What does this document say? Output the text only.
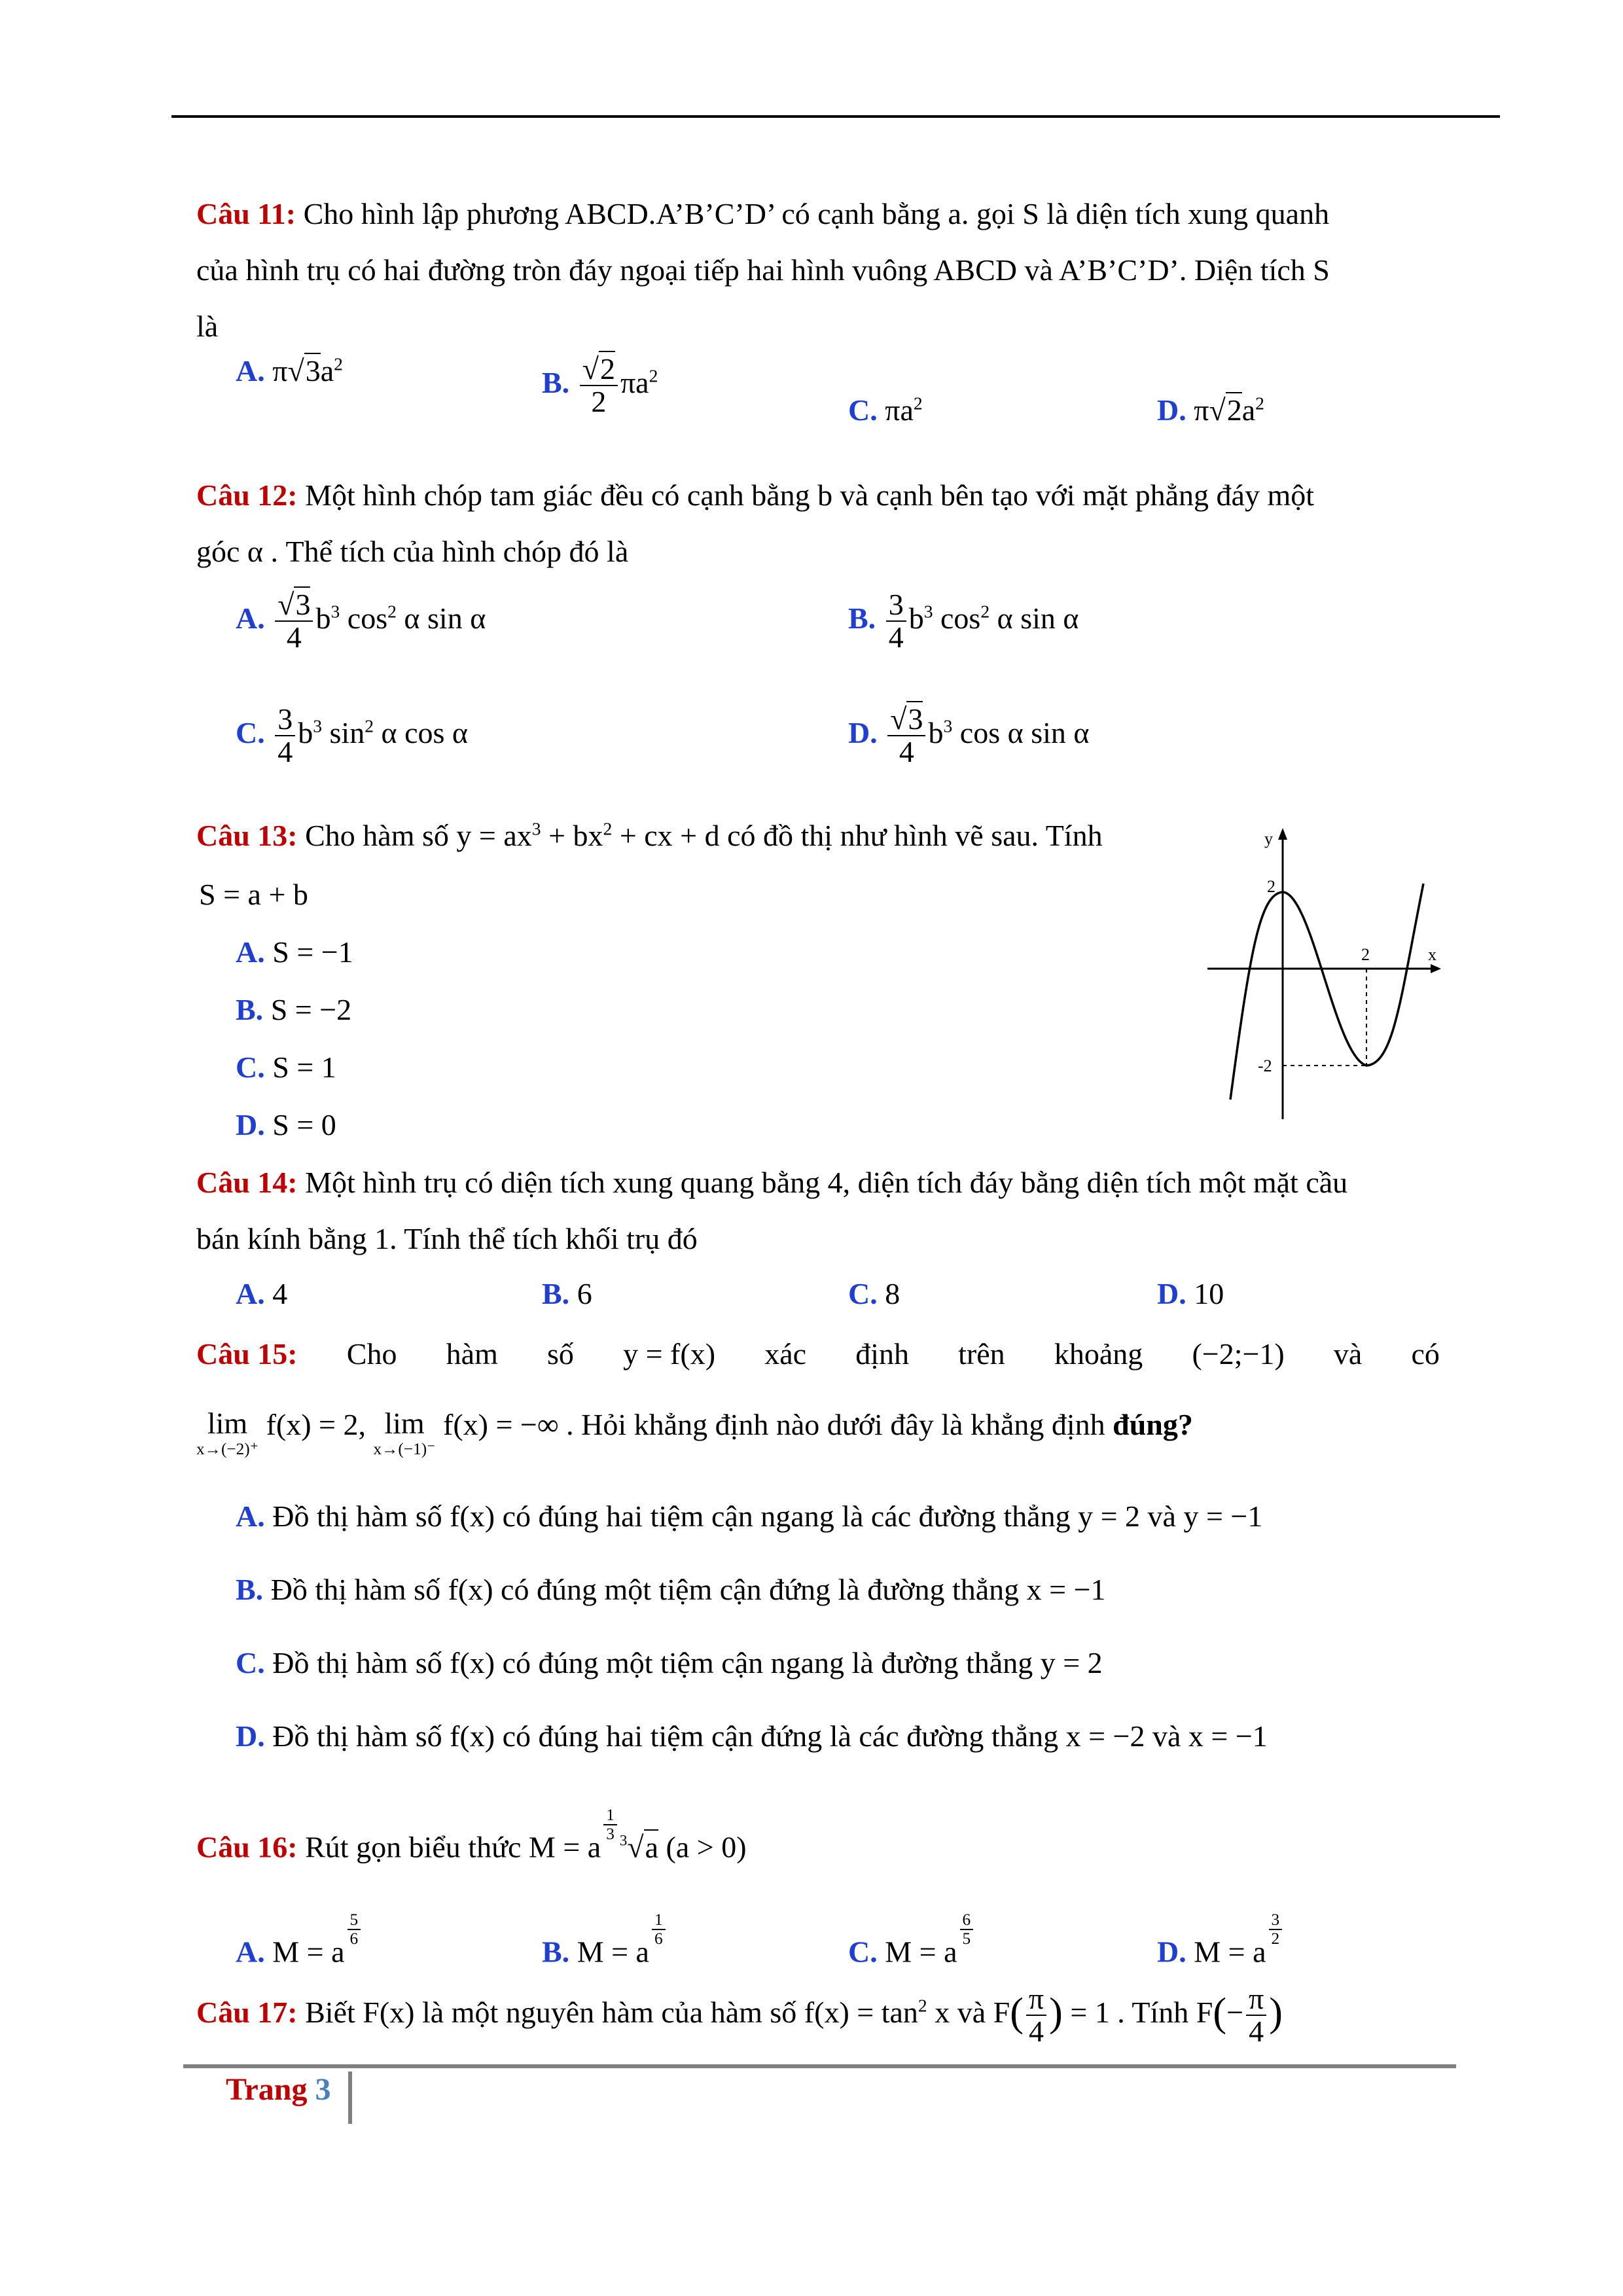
Câu 11: Cho hình lập phương ABCD.A’B’C’D’ có cạnh bằng a. gọi S là diện tích xung quanh
của hình trụ có hai đường tròn đáy ngoại tiếp hai hình vuông ABCD và A’B’C’D’. Diện tích S
là
A. $\pi√3a^2$
B. $\frac{√2}{2} \pi a^2$
C. $\pi a^2$	D. $\pi√2a^2$
Câu 12: Một hình chóp tam giác đều có cạnh bằng b và cạnh bên tạo với mặt phẳng đáy một
góc α . Thể tích của hình chóp đó là
A. $\frac{√3}{4} b^3$ $\cos^2 \alpha$ sin α	B. $\frac{3}{4} b^3$ $\cos^2 \alpha$ sin α
C. $\frac{3}{4} b^3$ $\sin^2 \alpha$ cos α	D. $\frac{√3}{4} b^3$ cos α sin α
Câu 13: Cho hàm số $y = ax^3 + bx^2$ + cx + d có đồ thị như hình vẽ sau. Tính
S = a + b
A. S = −1
B. S = −2
C. S = 1
D. S = 0
y
x
2
2
-2
Câu 14: Một hình trụ có diện tích xung quang bằng 4, diện tích đáy bằng diện tích một mặt cầu
bán kính bằng 1. Tính thể tích khối trụ đó
A. 4	B. 6	C. 8	D. 10
Câu 15: Cho hàm số y = f(x) xác định trên khoảng (−2;−1) và có
lim
x→(−2)⁺
f(x) = 2, lim
x→(−1)⁻
f(x) = −∞ . Hỏi khẳng định nào dưới đây là khẳng định đúng?
A. Đồ thị hàm số f(x) có đúng hai tiệm cận ngang là các đường thẳng y = 2 và y = −1
B. Đồ thị hàm số f(x) có đúng một tiệm cận đứng là đường thẳng x = −1
C. Đồ thị hàm số f(x) có đúng một tiệm cận ngang là đường thẳng y = 2
D. Đồ thị hàm số f(x) có đúng hai tiệm cận đứng là các đường thẳng x = −2 và x = −1
Câu 16: Rút gọn biểu thức M = a
$\frac{1}{3} ^3√a$ (a > 0)
A. M = a
$\frac{5}{6}$
B. M = a
$\frac{1}{6}$
C. M = a
$\frac{6}{5}$
D. M = a
$\frac{3}{2}$
Câu 17: Biết F(x) là một nguyên hàm của hàm số $f(x) = \tan^2 x$ và $F( \frac{\pi}{4}$ ) = 1 . Tính $F(- \frac{\pi}{4}$ )
Trang 3
